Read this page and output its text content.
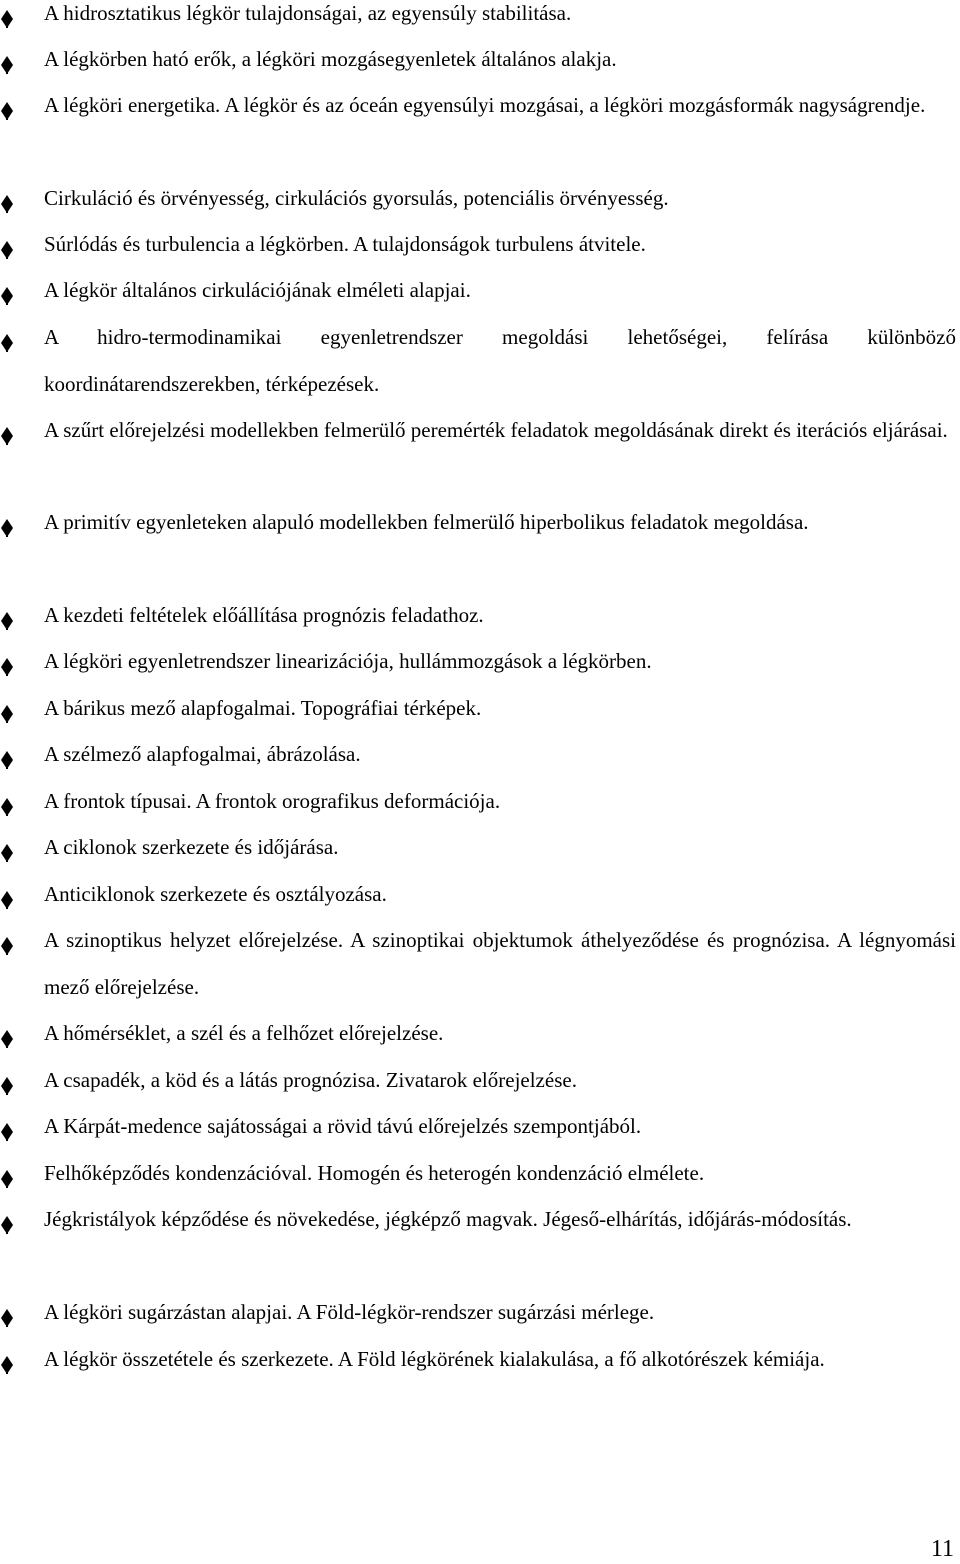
A hidrosztatikus légkör tulajdonságai, az egyensúly stabilitása.
A légkörben ható erők, a légköri mozgásegyenletek általános alakja.
A légköri energetika. A légkör és az óceán egyensúlyi mozgásai, a légköri mozgásformák nagyságrendje.
Cirkuláció és örvényesség, cirkulációs gyorsulás, potenciális örvényesség.
Súrlódás és turbulencia a légkörben. A tulajdonságok turbulens átvitele.
A légkör általános cirkulációjának elméleti alapjai.
A hidro-termodinamikai egyenletrendszer megoldási lehetőségei, felírása különböző koordinátarendszerekben, térképezések.
A szűrt előrejelzési modellekben felmerülő peremérték feladatok megoldásának direkt és iterációs eljárásai.
A primitív egyenleteken alapuló modellekben felmerülő hiperbolikus feladatok megoldása.
A kezdeti feltételek előállítása prognózis feladathoz.
A légköri egyenletrendszer linearizációja, hullámmozgások a légkörben.
A bárikus mező alapfogalmai. Topográfiai térképek.
A szélmező alapfogalmai, ábrázolása.
A frontok típusai. A frontok orografikus deformációja.
A ciklonok szerkezete és időjárása.
Anticiklonok szerkezete és osztályozása.
A szinoptikus helyzet előrejelzése. A szinoptikai objektumok áthelyeződése és prognózisa. A légnyomási mező előrejelzése.
A hőmérséklet, a szél és a felhőzet előrejelzése.
A csapadék, a köd és a látás prognózisa. Zivatarok előrejelzése.
A Kárpát-medence sajátosságai a rövid távú előrejelzés szempontjából.
Felhőképződés kondenzációval. Homogén és heterogén kondenzáció elmélete.
Jégkristályok képződése és növekedése, jégképző magvak. Jégeső-elhárítás, időjárás-módosítás.
A légköri sugárzástan alapjai. A Föld-légkör-rendszer sugárzási mérlege.
A légkör összetétele és szerkezete. A Föld légkörének kialakulása, a fő alkotórészek kémiája.
11
